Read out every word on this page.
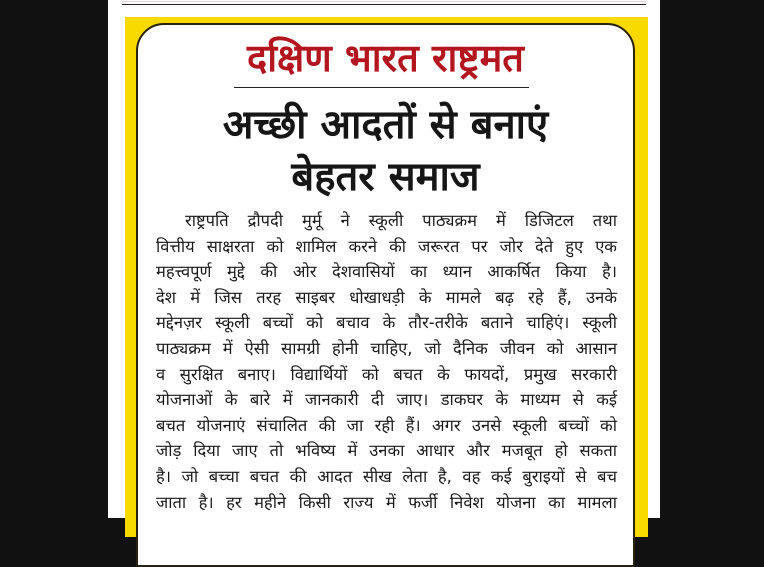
दक्षिण भारत राष्ट्रमत
अच्छी आदतों से बनाएं
बेहतर समाज
राष्ट्रपति द्रौपदी मुर्मू ने स्कूली पाठ्यक्रम में डिजिटल तथा
वित्तीय साक्षरता को शामिल करने की जरूरत पर जोर देते हुए एक
महत्त्वपूर्ण मुद्दे की ओर देशवासियों का ध्यान आकर्षित किया है।
देश में जिस तरह साइबर धोखाधड़ी के मामले बढ़ रहे हैं, उनके
मद्देनज़र स्कूली बच्चों को बचाव के तौर-तरीके बताने चाहिएं। स्कूली
पाठ्यक्रम में ऐसी सामग्री होनी चाहिए, जो दैनिक जीवन को आसान
व सुरक्षित बनाए। विद्यार्थियों को बचत के फायदों, प्रमुख सरकारी
योजनाओं के बारे में जानकारी दी जाए। डाकघर के माध्यम से कई
बचत योजनाएं संचालित की जा रही हैं। अगर उनसे स्कूली बच्चों को
जोड़ दिया जाए तो भविष्य में उनका आधार और मजबूत हो सकता
है। जो बच्चा बचत की आदत सीख लेता है, वह कई बुराइयों से बच
जाता है। हर महीने किसी राज्य में फर्जी निवेश योजना का मामला
